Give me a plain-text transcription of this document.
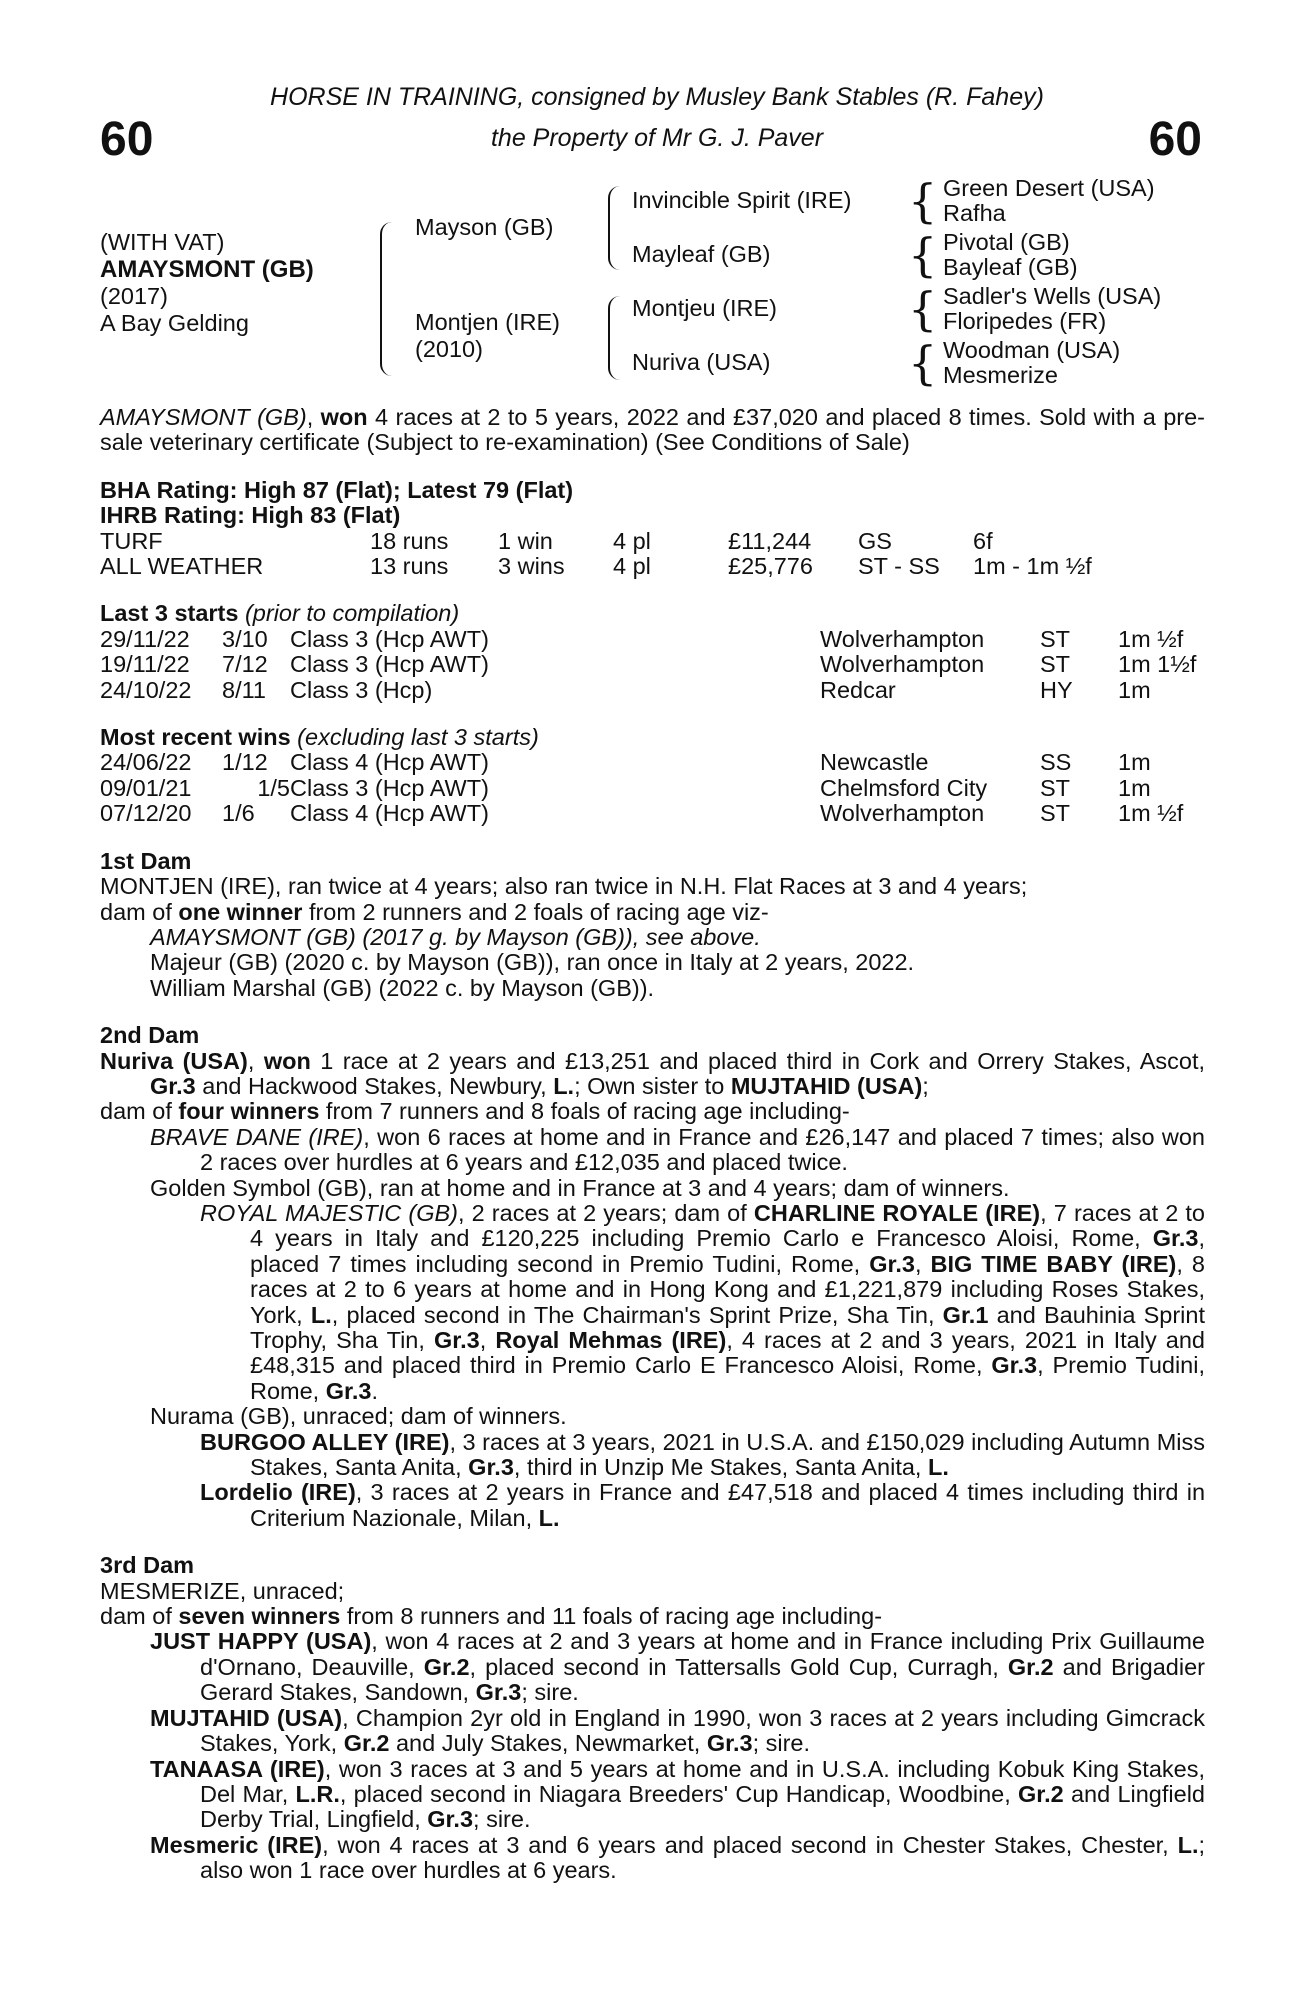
60	60
HORSE IN TRAINING, consigned by Musley Bank Stables (R. Fahey)
the Property of Mr G. J. Paver
(WITH VAT)
AMAYSMONT (GB)
(2017)
A Bay Gelding
{
{
{
{
Mayson (GB)
Montjen (IRE)
(2010)
Invincible Spirit (IRE)
Mayleaf (GB)
Montjeu (IRE)
Nuriva (USA)
Green Desert (USA)
Rafha
Pivotal (GB)
Bayleaf (GB)
Sadler's Wells (USA)
Floripedes (FR)
Woodman (USA)
Mesmerize
AMAYSMONT (GB), won 4 races at 2 to 5 years, 2022 and £37,020 and placed 8 times. Sold with a pre-sale veterinary certificate (Subject to re-examination) (See Conditions of Sale)
BHA Rating: High 87 (Flat); Latest 79 (Flat)
IHRB Rating: High 83 (Flat)
TURF	18 runs	1 win	4 pl	£11,244	GS	6f
ALL WEATHER	13 runs	3 wins	4 pl	£25,776	ST - SS	1m - 1m ½f
Last 3 starts (prior to compilation)
29/11/22	3/10 Class 3 (Hcp AWT)	Wolverhampton	ST	1m ½f
19/11/22	7/12 Class 3 (Hcp AWT)	Wolverhampton	ST	1m 1½f
24/10/22	8/11	Class 3 (Hcp)	Redcar	HY	1m
Most recent wins (excluding last 3 starts)
24/06/22	1/12 Class 4 (Hcp AWT)	Newcastle	SS	1m
09/01/21	1/5 Class 3 (Hcp AWT)	Chelmsford City	ST	1m
07/12/20	1/6	Class 4 (Hcp AWT)	Wolverhampton	ST	1m ½f
1st Dam
MONTJEN (IRE), ran twice at 4 years; also ran twice in N.H. Flat Races at 3 and 4 years;
dam of one winner from 2 runners and 2 foals of racing age viz-
AMAYSMONT (GB) (2017 g. by Mayson (GB)), see above.
Majeur (GB) (2020 c. by Mayson (GB)), ran once in Italy at 2 years, 2022.
William Marshal (GB) (2022 c. by Mayson (GB)).
2nd Dam
Nuriva (USA), won 1 race at 2 years and £13,251 and placed third in Cork and Orrery Stakes, Ascot, Gr.3 and Hackwood Stakes, Newbury, L.; Own sister to MUJTAHID (USA);
dam of four winners from 7 runners and 8 foals of racing age including-
BRAVE DANE (IRE), won 6 races at home and in France and £26,147 and placed 7 times; also won 2 races over hurdles at 6 years and £12,035 and placed twice.
Golden Symbol (GB), ran at home and in France at 3 and 4 years; dam of winners.
ROYAL MAJESTIC (GB), 2 races at 2 years; dam of CHARLINE ROYALE (IRE), 7 races at 2 to 4 years in Italy and £120,225 including Premio Carlo e Francesco Aloisi, Rome, Gr.3, placed 7 times including second in Premio Tudini, Rome, Gr.3, BIG TIME BABY (IRE), 8 races at 2 to 6 years at home and in Hong Kong and £1,221,879 including Roses Stakes, York, L., placed second in The Chairman's Sprint Prize, Sha Tin, Gr.1 and Bauhinia Sprint Trophy, Sha Tin, Gr.3, Royal Mehmas (IRE), 4 races at 2 and 3 years, 2021 in Italy and £48,315 and placed third in Premio Carlo E Francesco Aloisi, Rome, Gr.3, Premio Tudini, Rome, Gr.3.
Nurama (GB), unraced; dam of winners.
BURGOO ALLEY (IRE), 3 races at 3 years, 2021 in U.S.A. and £150,029 including Autumn Miss Stakes, Santa Anita, Gr.3, third in Unzip Me Stakes, Santa Anita, L.
Lordelio (IRE), 3 races at 2 years in France and £47,518 and placed 4 times including third in Criterium Nazionale, Milan, L.
3rd Dam
MESMERIZE, unraced;
dam of seven winners from 8 runners and 11 foals of racing age including-
JUST HAPPY (USA), won 4 races at 2 and 3 years at home and in France including Prix Guillaume d'Ornano, Deauville, Gr.2, placed second in Tattersalls Gold Cup, Curragh, Gr.2 and Brigadier Gerard Stakes, Sandown, Gr.3; sire.
MUJTAHID (USA), Champion 2yr old in England in 1990, won 3 races at 2 years including Gimcrack Stakes, York, Gr.2 and July Stakes, Newmarket, Gr.3; sire.
TANAASA (IRE), won 3 races at 3 and 5 years at home and in U.S.A. including Kobuk King Stakes, Del Mar, L.R., placed second in Niagara Breeders' Cup Handicap, Woodbine, Gr.2 and Lingfield Derby Trial, Lingfield, Gr.3; sire.
Mesmeric (IRE), won 4 races at 3 and 6 years and placed second in Chester Stakes, Chester, L.; also won 1 race over hurdles at 6 years.
